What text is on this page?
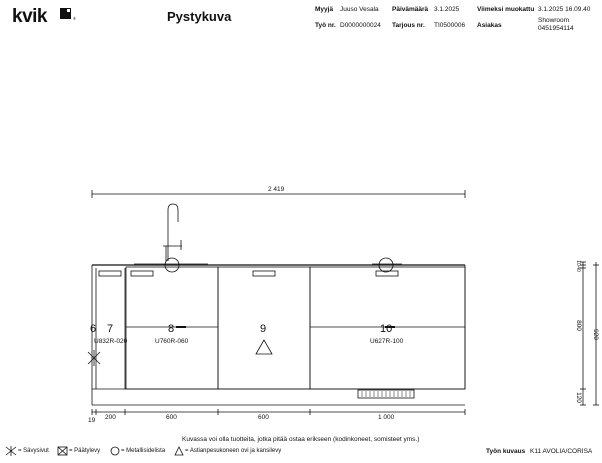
kvik	®	Pystykuva	Myyjä Juuso Vesala Päivämäärä 3.1.2025	Viimeksi muokattu 3.1.2025 16.09.40
Työ nr. D0000000024 Tarjous nr. TI0500006 Asiakas
Showroom
0451954114
2 419
6 7	8	9	10
U832R-020	U760R-060	U627R-100
19 200	600	600	1 000
10
40
800
920
120
Kuvassa voi olla tuotteita, jotka pitää ostaa erikseen (kodinkoneet, somisteet yms.)
= Sävysivut	= Päätylevy	= Metallisidelista	= Astianpesukoneen ovi ja kansilevy	Työn kuvaus K11 AVOLIA/CORISA
